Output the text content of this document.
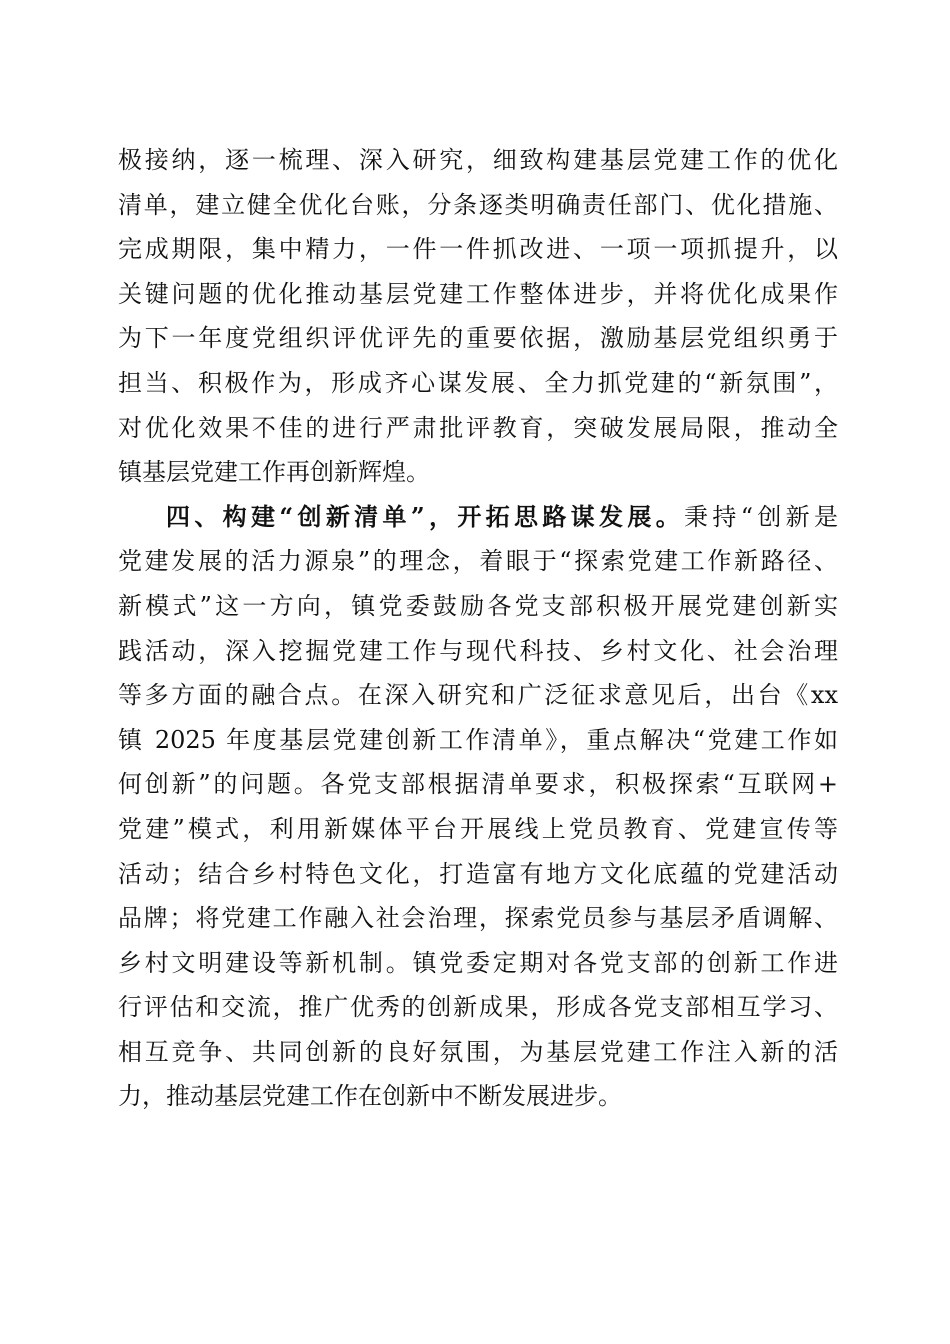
极接纳，逐一梳理、深入研究，细致构建基层党建工作的优化
清单，建立健全优化台账，分条逐类明确责任部门、优化措施、
完成期限，集中精力，一件一件抓改进、一项一项抓提升，以
关键问题的优化推动基层党建工作整体进步，并将优化成果作
为下一年度党组织评优评先的重要依据，激励基层党组织勇于
担当、积极作为，形成齐心谋发展、全力抓党建的“新氛围”，
对优化效果不佳的进行严肃批评教育，突破发展局限，推动全
镇基层党建工作再创新辉煌。
四、构建“创新清单”，开拓思路谋发展。秉持“创新是
党建发展的活力源泉”的理念，着眼于“探索党建工作新路径、
新模式”这一方向，镇党委鼓励各党支部积极开展党建创新实
践活动，深入挖掘党建工作与现代科技、乡村文化、社会治理
等多方面的融合点。在深入研究和广泛征求意见后，出台《xx
镇 2025 年度基层党建创新工作清单》，重点解决“党建工作如
何创新”的问题。各党支部根据清单要求，积极探索“互联网+
党建”模式，利用新媒体平台开展线上党员教育、党建宣传等
活动；结合乡村特色文化，打造富有地方文化底蕴的党建活动
品牌；将党建工作融入社会治理，探索党员参与基层矛盾调解、
乡村文明建设等新机制。镇党委定期对各党支部的创新工作进
行评估和交流，推广优秀的创新成果，形成各党支部相互学习、
相互竞争、共同创新的良好氛围，为基层党建工作注入新的活
力，推动基层党建工作在创新中不断发展进步。
